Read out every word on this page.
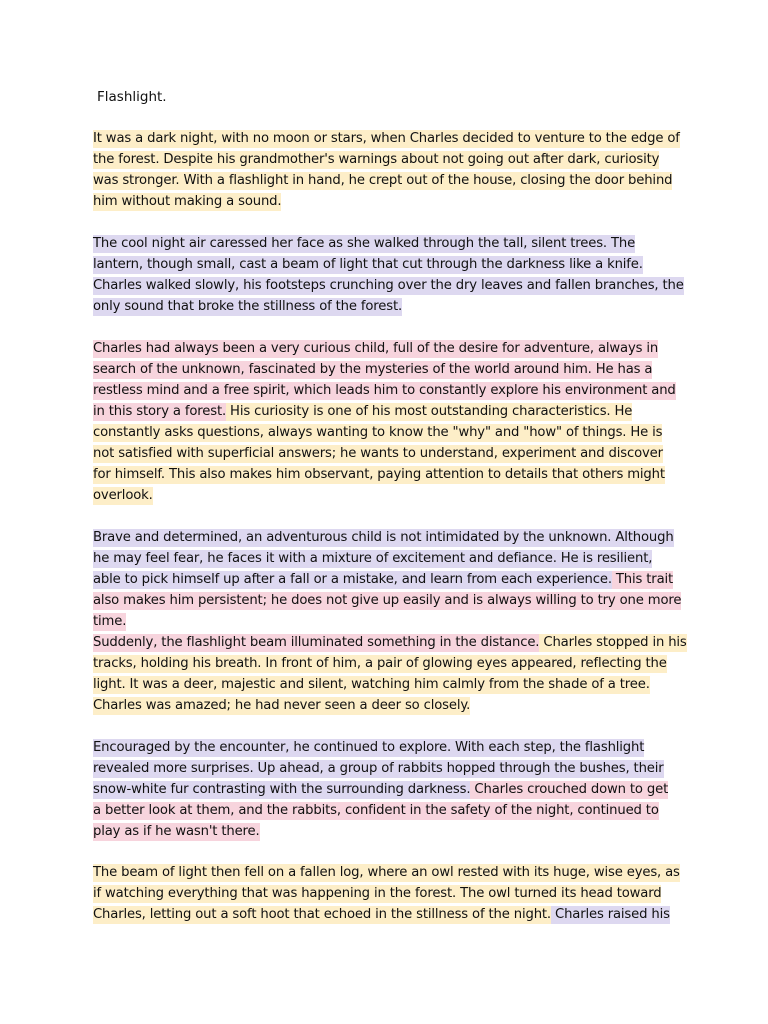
Flashlight.
It was a dark night, with no moon or stars, when Charles decided to venture to the edge of
the forest. Despite his grandmother's warnings about not going out after dark, curiosity
was stronger. With a flashlight in hand, he crept out of the house, closing the door behind
him without making a sound.
The cool night air caressed her face as she walked through the tall, silent trees. The
lantern, though small, cast a beam of light that cut through the darkness like a knife.
Charles walked slowly, his footsteps crunching over the dry leaves and fallen branches, the
only sound that broke the stillness of the forest.
Charles had always been a very curious child, full of the desire for adventure, always in
search of the unknown, fascinated by the mysteries of the world around him. He has a
restless mind and a free spirit, which leads him to constantly explore his environment and
in this story a forest. His curiosity is one of his most outstanding characteristics. He
constantly asks questions, always wanting to know the "why" and "how" of things. He is
not satisfied with superficial answers; he wants to understand, experiment and discover
for himself. This also makes him observant, paying attention to details that others might
overlook.
Brave and determined, an adventurous child is not intimidated by the unknown. Although
he may feel fear, he faces it with a mixture of excitement and defiance. He is resilient,
able to pick himself up after a fall or a mistake, and learn from each experience. This trait
also makes him persistent; he does not give up easily and is always willing to try one more
time.
Suddenly, the flashlight beam illuminated something in the distance. Charles stopped in his
tracks, holding his breath. In front of him, a pair of glowing eyes appeared, reflecting the
light. It was a deer, majestic and silent, watching him calmly from the shade of a tree.
Charles was amazed; he had never seen a deer so closely.
Encouraged by the encounter, he continued to explore. With each step, the flashlight
revealed more surprises. Up ahead, a group of rabbits hopped through the bushes, their
snow-white fur contrasting with the surrounding darkness. Charles crouched down to get
a better look at them, and the rabbits, confident in the safety of the night, continued to
play as if he wasn't there.
The beam of light then fell on a fallen log, where an owl rested with its huge, wise eyes, as
if watching everything that was happening in the forest. The owl turned its head toward
Charles, letting out a soft hoot that echoed in the stillness of the night. Charles raised his
